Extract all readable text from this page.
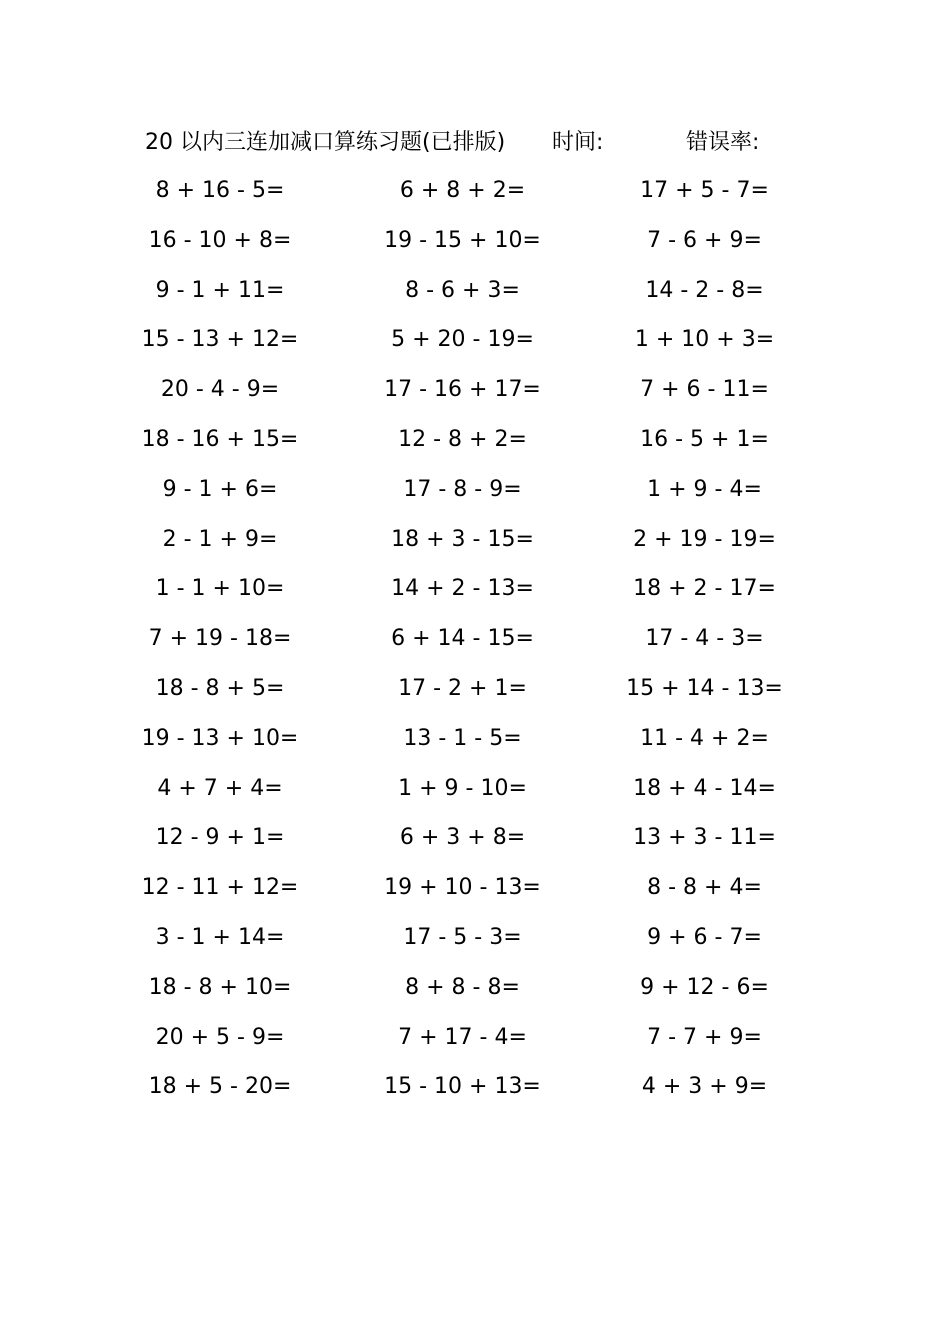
20 以内三连加减口算练习题(已排版) 时间:	错误率:
8 + 16 - 5=	6 + 8 + 2=	17 + 5 - 7=
16 - 10 + 8=	19 - 15 + 10=	7 - 6 + 9=
9 - 1 + 11=	8 - 6 + 3=	14 - 2 - 8=
15 - 13 + 12=	5 + 20 - 19=	1 + 10 + 3=
20 - 4 - 9=	17 - 16 + 17=	7 + 6 - 11=
18 - 16 + 15=	12 - 8 + 2=	16 - 5 + 1=
9 - 1 + 6=	17 - 8 - 9=	1 + 9 - 4=
2 - 1 + 9=	18 + 3 - 15=	2 + 19 - 19=
1 - 1 + 10=	14 + 2 - 13=	18 + 2 - 17=
7 + 19 - 18=	6 + 14 - 15=	17 - 4 - 3=
18 - 8 + 5=	17 - 2 + 1=	15 + 14 - 13=
19 - 13 + 10=	13 - 1 - 5=	11 - 4 + 2=
4 + 7 + 4=	1 + 9 - 10=	18 + 4 - 14=
12 - 9 + 1=	6 + 3 + 8=	13 + 3 - 11=
12 - 11 + 12=	19 + 10 - 13=	8 - 8 + 4=
3 - 1 + 14=	17 - 5 - 3=	9 + 6 - 7=
18 - 8 + 10=	8 + 8 - 8=	9 + 12 - 6=
20 + 5 - 9=	7 + 17 - 4=	7 - 7 + 9=
18 + 5 - 20=	15 - 10 + 13=	4 + 3 + 9=
